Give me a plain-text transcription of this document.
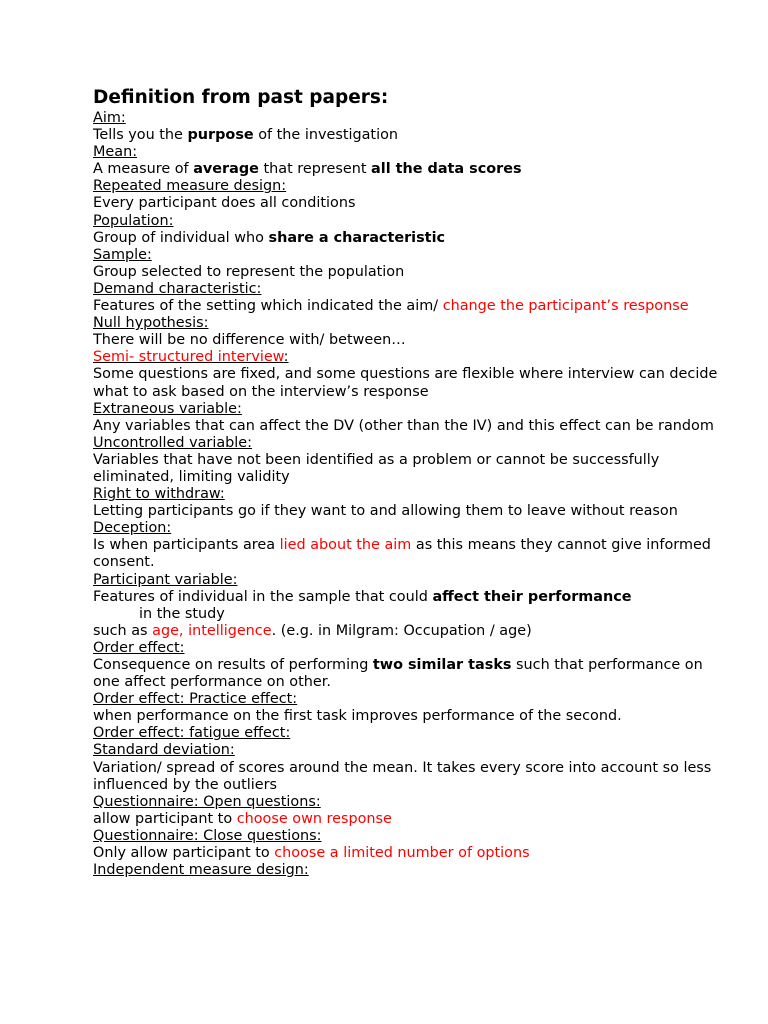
Definition from past papers:

Aim:

Tells you the purpose of the investigation

Mean:

A measure of average that represent all the data scores

Repeated measure design:

Every participant does all conditions

Population:

Group of individual who share a characteristic

Sample:

Group selected to represent the population

Demand characteristic:

Features of the setting which indicated the aim/ change the participant’s response

Null hypothesis:

There will be no difference with/ between…

Semi- structured interview:

Some questions are fixed, and some questions are flexible where interview can decide what to ask based on the interview’s response

Extraneous variable:

Any variables that can affect the DV (other than the IV) and this effect can be random

Uncontrolled variable:

Variables that have not been identified as a problem or cannot be successfully eliminated, limiting validity

Right to withdraw:

Letting participants go if they want to and allowing them to leave without reason

Deception:

Is when participants area lied about the aim as this means they cannot give informed consent.

Participant variable:

Features of individual in the sample that could affect their performance

in the study

such as age, intelligence. (e.g. in Milgram: Occupation / age)

Order effect:

Consequence on results of performing two similar tasks such that performance on one affect performance on other.

Order effect: Practice effect:

when performance on the first task improves performance of the second.

Order effect: fatigue effect:

Standard deviation:

Variation/ spread of scores around the mean. It takes every score into account so less influenced by the outliers

Questionnaire: Open questions:

allow participant to choose own response

Questionnaire: Close questions:

Only allow participant to choose a limited number of options

Independent measure design:
